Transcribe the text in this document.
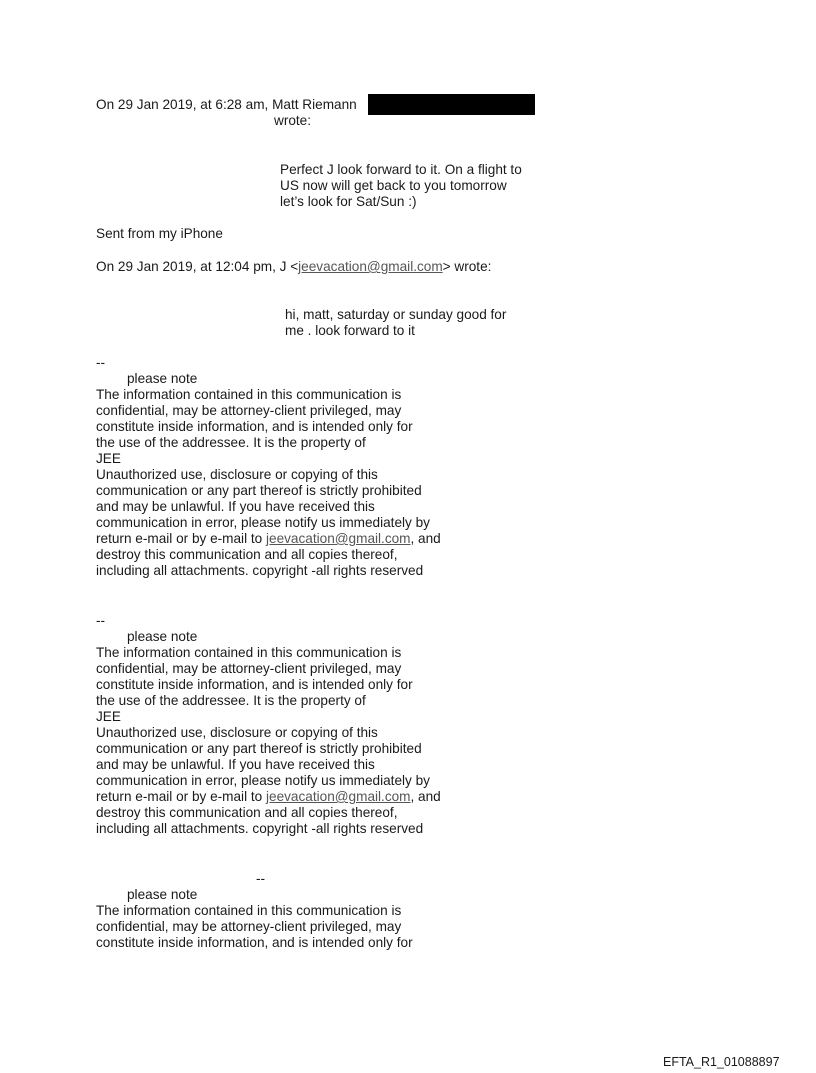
On 29 Jan 2019, at 6:28 am, Matt Riemann
wrote:
Perfect J look forward to it. On a flight to
US now will get back to you tomorrow
let’s look for Sat/Sun :)
Sent from my iPhone
On 29 Jan 2019, at 12:04 pm, J <jeevacation@gmail.com> wrote:
hi, matt, saturday or sunday good for
me . look forward to it
--
please note
The information contained in this communication is
confidential, may be attorney-client privileged, may
constitute inside information, and is intended only for
the use of the addressee. It is the property of
JEE
Unauthorized use, disclosure or copying of this
communication or any part thereof is strictly prohibited
and may be unlawful. If you have received this
communication in error, please notify us immediately by
return e-mail or by e-mail to jeevacation@gmail.com, and
destroy this communication and all copies thereof,
including all attachments. copyright -all rights reserved
--
please note
The information contained in this communication is
confidential, may be attorney-client privileged, may
constitute inside information, and is intended only for
the use of the addressee. It is the property of
JEE
Unauthorized use, disclosure or copying of this
communication or any part thereof is strictly prohibited
and may be unlawful. If you have received this
communication in error, please notify us immediately by
return e-mail or by e-mail to jeevacation@gmail.com, and
destroy this communication and all copies thereof,
including all attachments. copyright -all rights reserved
--
please note
The information contained in this communication is
confidential, may be attorney-client privileged, may
constitute inside information, and is intended only for
EFTA_R1_01088897
